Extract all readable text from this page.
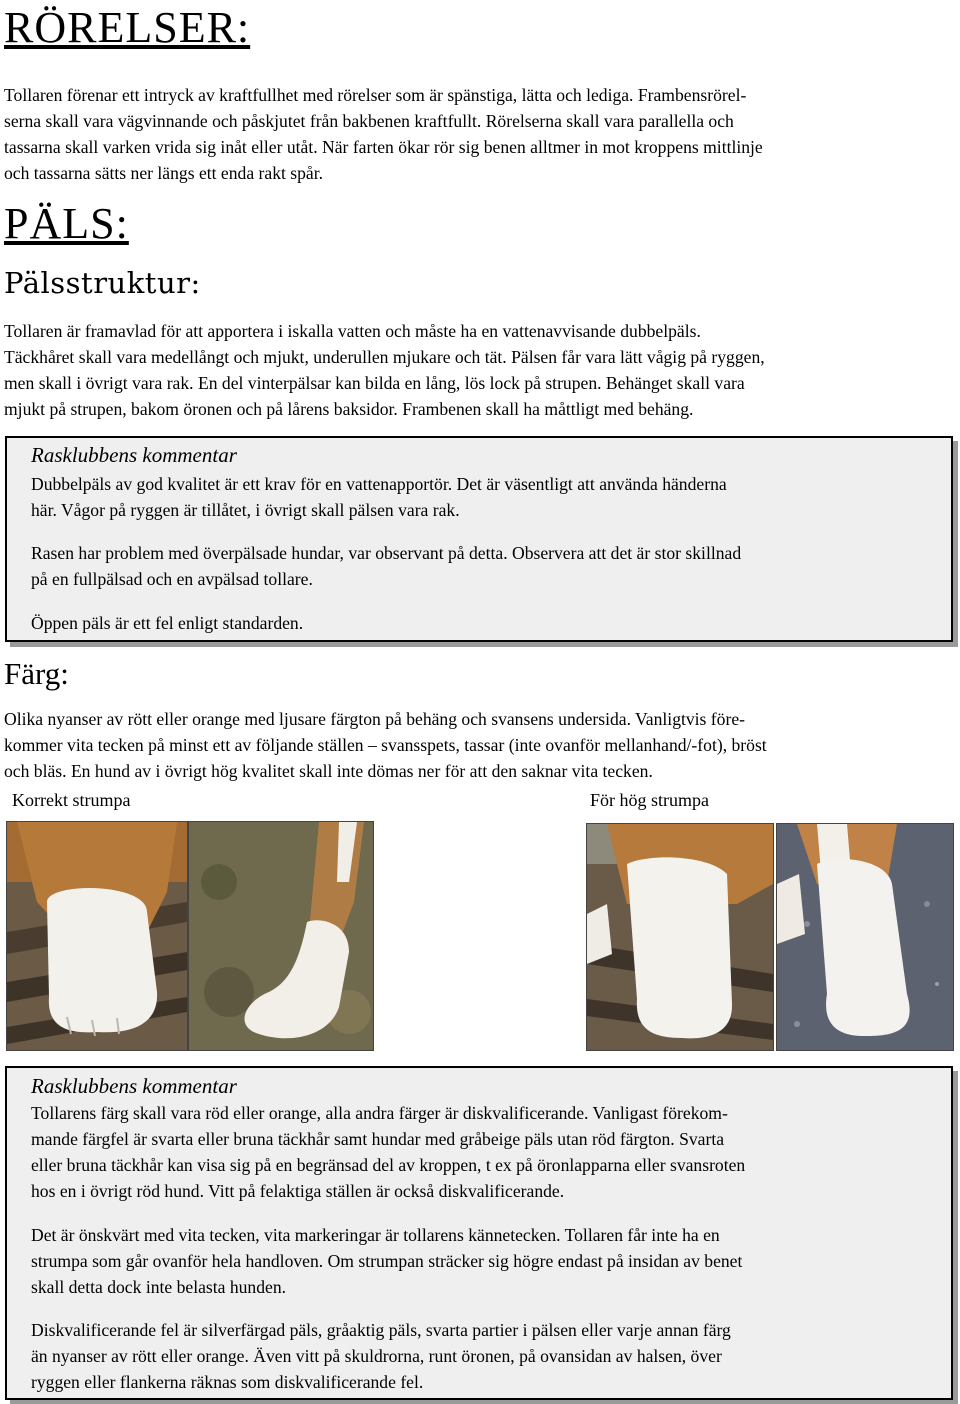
RÖRELSER:
Tollaren förenar ett intryck av kraftfullhet med rörelser som är spänstiga, lätta och lediga. Frambensrörel-
serna skall vara vägvinnande och påskjutet från bakbenen kraftfullt. Rörelserna skall vara parallella och
tassarna skall varken vrida sig inåt eller utåt. När farten ökar rör sig benen alltmer in mot kroppens mittlinje
och tassarna sätts ner längs ett enda rakt spår.
PÄLS:
Pälsstruktur:
Tollaren är framavlad för att apportera i iskalla vatten och måste ha en vattenavvisande dubbelpäls.
Täckhåret skall vara medellångt och mjukt, underullen mjukare och tät. Pälsen får vara lätt vågig på ryggen,
men skall i övrigt vara rak. En del vinterpälsar kan bilda en lång, lös lock på strupen. Behänget skall vara
mjukt på strupen, bakom öronen och på lårens baksidor. Frambenen skall ha måttligt med behäng.
Rasklubbens kommentar
Dubbelpäls av god kvalitet är ett krav för en vattenapportör. Det är väsentligt att använda händerna
här. Vågor på ryggen är tillåtet, i övrigt skall pälsen vara rak.
Rasen har problem med överpälsade hundar, var observant på detta. Observera att det är stor skillnad
på en fullpälsad och en avpälsad tollare.
Öppen päls är ett fel enligt standarden.
Färg:
Olika nyanser av rött eller orange med ljusare färgton på behäng och svansens undersida. Vanligtvis före-
kommer vita tecken på minst ett av följande ställen – svansspets, tassar (inte ovanför mellanhand/-fot), bröst
och bläs. En hund av i övrigt hög kvalitet skall inte dömas ner för att den saknar vita tecken.
Korrekt strumpa	För hög strumpa
Rasklubbens kommentar
Tollarens färg skall vara röd eller orange, alla andra färger är diskvalificerande. Vanligast förekom-
mande färgfel är svarta eller bruna täckhår samt hundar med gråbeige päls utan röd färgton. Svarta
eller bruna täckhår kan visa sig på en begränsad del av kroppen, t ex på öronlapparna eller svansroten
hos en i övrigt röd hund. Vitt på felaktiga ställen är också diskvalificerande.
Det är önskvärt med vita tecken, vita markeringar är tollarens kännetecken. Tollaren får inte ha en
strumpa som går ovanför hela handloven. Om strumpan sträcker sig högre endast på insidan av benet
skall detta dock inte belasta hunden.
Diskvalificerande fel är silverfärgad päls, gråaktig päls, svarta partier i pälsen eller varje annan färg
än nyanser av rött eller orange. Även vitt på skuldrorna, runt öronen, på ovansidan av halsen, över
ryggen eller flankerna räknas som diskvalificerande fel.
